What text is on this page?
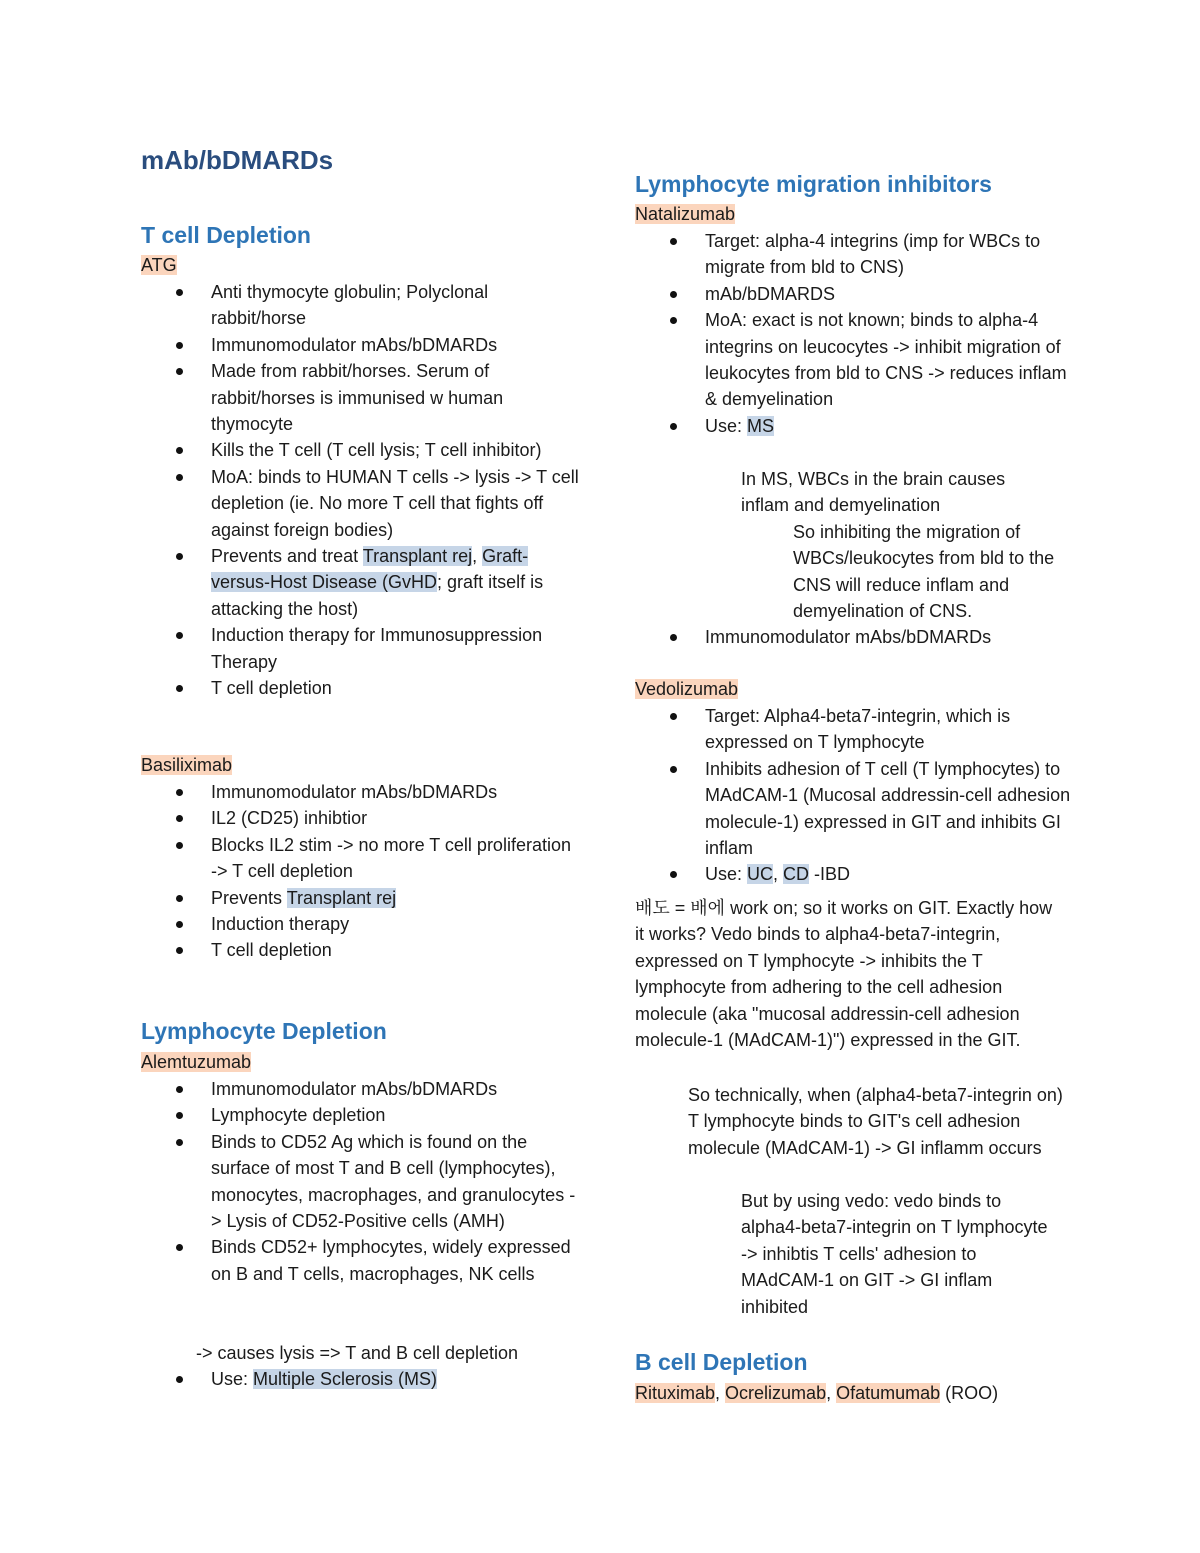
mAb/bDMARDs
T cell Depletion
ATG
Anti thymocyte globulin; Polyclonal rabbit/horse
Immunomodulator mAbs/bDMARDs
Made from rabbit/horses. Serum of rabbit/horses is immunised w human thymocyte
Kills the T cell (T cell lysis; T cell inhibitor)
MoA: binds to HUMAN T cells -> lysis -> T cell depletion (ie. No more T cell that fights off against foreign bodies)
Prevents and treat Transplant rej, Graft-versus-Host Disease (GvHD; graft itself is attacking the host)
Induction therapy for Immunosuppression Therapy
T cell depletion
Basiliximab
Immunomodulator mAbs/bDMARDs
IL2 (CD25) inhibtior
Blocks IL2 stim -> no more T cell proliferation -> T cell depletion
Prevents Transplant rej
Induction therapy
T cell depletion
Lymphocyte Depletion
Alemtuzumab
Immunomodulator mAbs/bDMARDs
Lymphocyte depletion
Binds to CD52 Ag which is found on the surface of most T and B cell (lymphocytes), monocytes, macrophages, and granulocytes -> Lysis of CD52-Positive cells (AMH)
Binds CD52+ lymphocytes, widely expressed on B and T cells, macrophages, NK cells
-> causes lysis => T and B cell depletion
Use: Multiple Sclerosis (MS)
Lymphocyte migration inhibitors
Natalizumab
Target: alpha-4 integrins (imp for WBCs to migrate from bld to CNS)
mAb/bDMARDS
MoA: exact is not known; binds to alpha-4 integrins on leucocytes -> inhibit migration of leukocytes from bld to CNS -> reduces inflam & demyelination
Use: MS
In MS, WBCs in the brain causes inflam and demyelination
So inhibiting the migration of WBCs/leukocytes from bld to the CNS will reduce inflam and demyelination of CNS.
Immunomodulator mAbs/bDMARDs
Vedolizumab
Target: Alpha4-beta7-integrin, which is expressed on T lymphocyte
Inhibits adhesion of T cell (T lymphocytes) to MAdCAM-1 (Mucosal addressin-cell adhesion molecule-1) expressed in GIT and inhibits GI inflam
Use: UC, CD -IBD
배도 = 배에 work on; so it works on GIT. Exactly how it works? Vedo binds to alpha4-beta7-integrin, expressed on T lymphocyte -> inhibits the T lymphocyte from adhering to the cell adhesion molecule (aka "mucosal addressin-cell adhesion molecule-1 (MAdCAM-1)") expressed in the GIT.
So technically, when (alpha4-beta7-integrin on) T lymphocyte binds to GIT's cell adhesion molecule (MAdCAM-1) -> GI inflamm occurs
But by using vedo: vedo binds to alpha4-beta7-integrin on T lymphocyte -> inhibtis T cells' adhesion to MAdCAM-1 on GIT -> GI inflam inhibited
B cell Depletion
Rituximab, Ocrelizumab, Ofatumumab (ROO)
